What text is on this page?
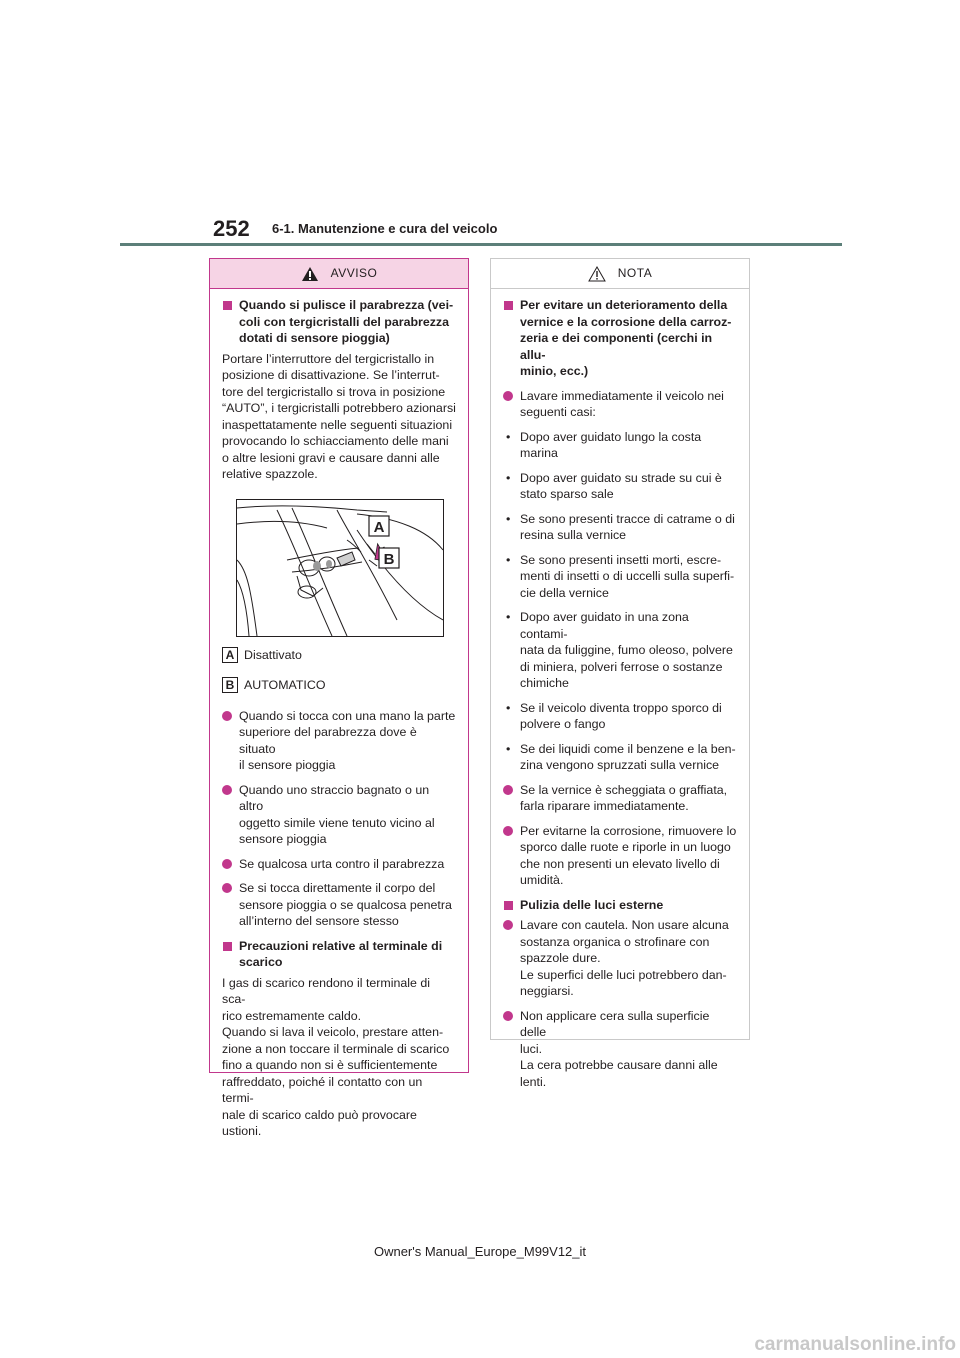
252 6-1. Manutenzione e cura del veicolo
AVVISO
Quando si pulisce il parabrezza (vei-
coli con tergicristalli del parabrezza
dotati di sensore pioggia)
Portare l’interruttore del tergicristallo in
posizione di disattivazione. Se l’interrut-
tore del tergicristallo si trova in posizione
“AUTO”, i tergicristalli potrebbero azionarsi
inaspettatamente nelle seguenti situazioni
provocando lo schiacciamento delle mani
o altre lesioni gravi e causare danni alle
relative spazzole.
A
B
A Disattivato
B AUTOMATICO
Quando si tocca con una mano la parte
superiore del parabrezza dove è situato
il sensore pioggia
Quando uno straccio bagnato o un altro
oggetto simile viene tenuto vicino al
sensore pioggia
Se qualcosa urta contro il parabrezza
Se si tocca direttamente il corpo del
sensore pioggia o se qualcosa penetra
all’interno del sensore stesso
Precauzioni relative al terminale di
scarico
I gas di scarico rendono il terminale di sca-
rico estremamente caldo.
Quando si lava il veicolo, prestare atten-
zione a non toccare il terminale di scarico
fino a quando non si è sufficientemente
raffreddato, poiché il contatto con un termi-
nale di scarico caldo può provocare
ustioni.
NOTA
Per evitare un deterioramento della
vernice e la corrosione della carroz-
zeria e dei componenti (cerchi in allu-
minio, ecc.)
Lavare immediatamente il veicolo nei
seguenti casi:
• Dopo aver guidato lungo la costa
marina
• Dopo aver guidato su strade su cui è
stato sparso sale
• Se sono presenti tracce di catrame o di
resina sulla vernice
• Se sono presenti insetti morti, escre-
menti di insetti o di uccelli sulla superfi-
cie della vernice
• Dopo aver guidato in una zona contami-
nata da fuliggine, fumo oleoso, polvere
di miniera, polveri ferrose o sostanze
chimiche
• Se il veicolo diventa troppo sporco di
polvere o fango
• Se dei liquidi come il benzene e la ben-
zina vengono spruzzati sulla vernice
Se la vernice è scheggiata o graffiata,
farla riparare immediatamente.
Per evitarne la corrosione, rimuovere lo
sporco dalle ruote e riporle in un luogo
che non presenti un elevato livello di
umidità.
Pulizia delle luci esterne
Lavare con cautela. Non usare alcuna
sostanza organica o strofinare con
spazzole dure.
Le superfici delle luci potrebbero dan-
neggiarsi.
Non applicare cera sulla superficie delle
luci.
La cera potrebbe causare danni alle
lenti.
Owner's Manual_Europe_M99V12_it
carmanualsonline.info
